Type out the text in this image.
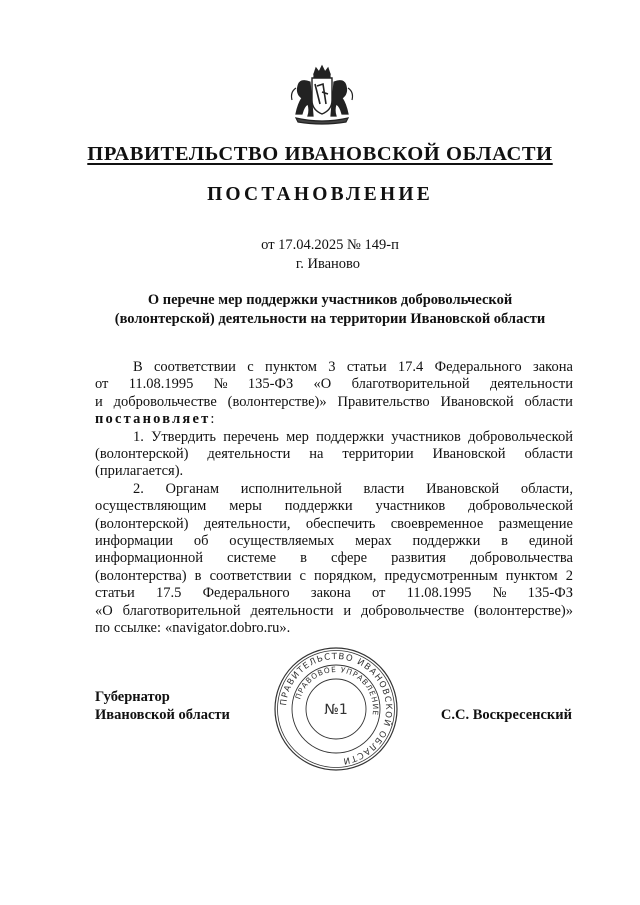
ПРАВИТЕЛЬСТВО ИВАНОВСКОЙ ОБЛАСТИ
ПОСТАНОВЛЕНИЕ
от 17.04.2025 № 149-п
г. Иваново
О перечне мер поддержки участников добровольческой
(волонтерской) деятельности на территории Ивановской области
В соответствии с пунктом 3 статьи 17.4 Федерального закона
от 11.08.1995 № 135-ФЗ «О благотворительной деятельности
и добровольчестве (волонтерстве)» Правительство Ивановской области
постановляет :
1. Утвердить перечень мер поддержки участников добровольческой
(волонтерской) деятельности на территории Ивановской области
(прилагается).
2. Органам исполнительной власти Ивановской области,
осуществляющим меры поддержки участников добровольческой
(волонтерской) деятельности, обеспечить своевременное размещение
информации об осуществляемых мерах поддержки в единой
информационной системе в сфере развития добровольчества
(волонтерства) в соответствии с порядком, предусмотренным пунктом 2
статьи 17.5 Федерального закона от 11.08.1995 № 135-ФЗ
«О благотворительной деятельности и добровольчестве (волонтерстве)»
по ссылке: «navigator.dobro.ru».
Губернатор
Ивановской области	С.С. Воскресенский
ПРАВИТЕЛЬСТВО ИВАНОВСКОЙ ОБЛАСТИ
ПРАВОВОЕ УПРАВЛЕНИЕ
№1
